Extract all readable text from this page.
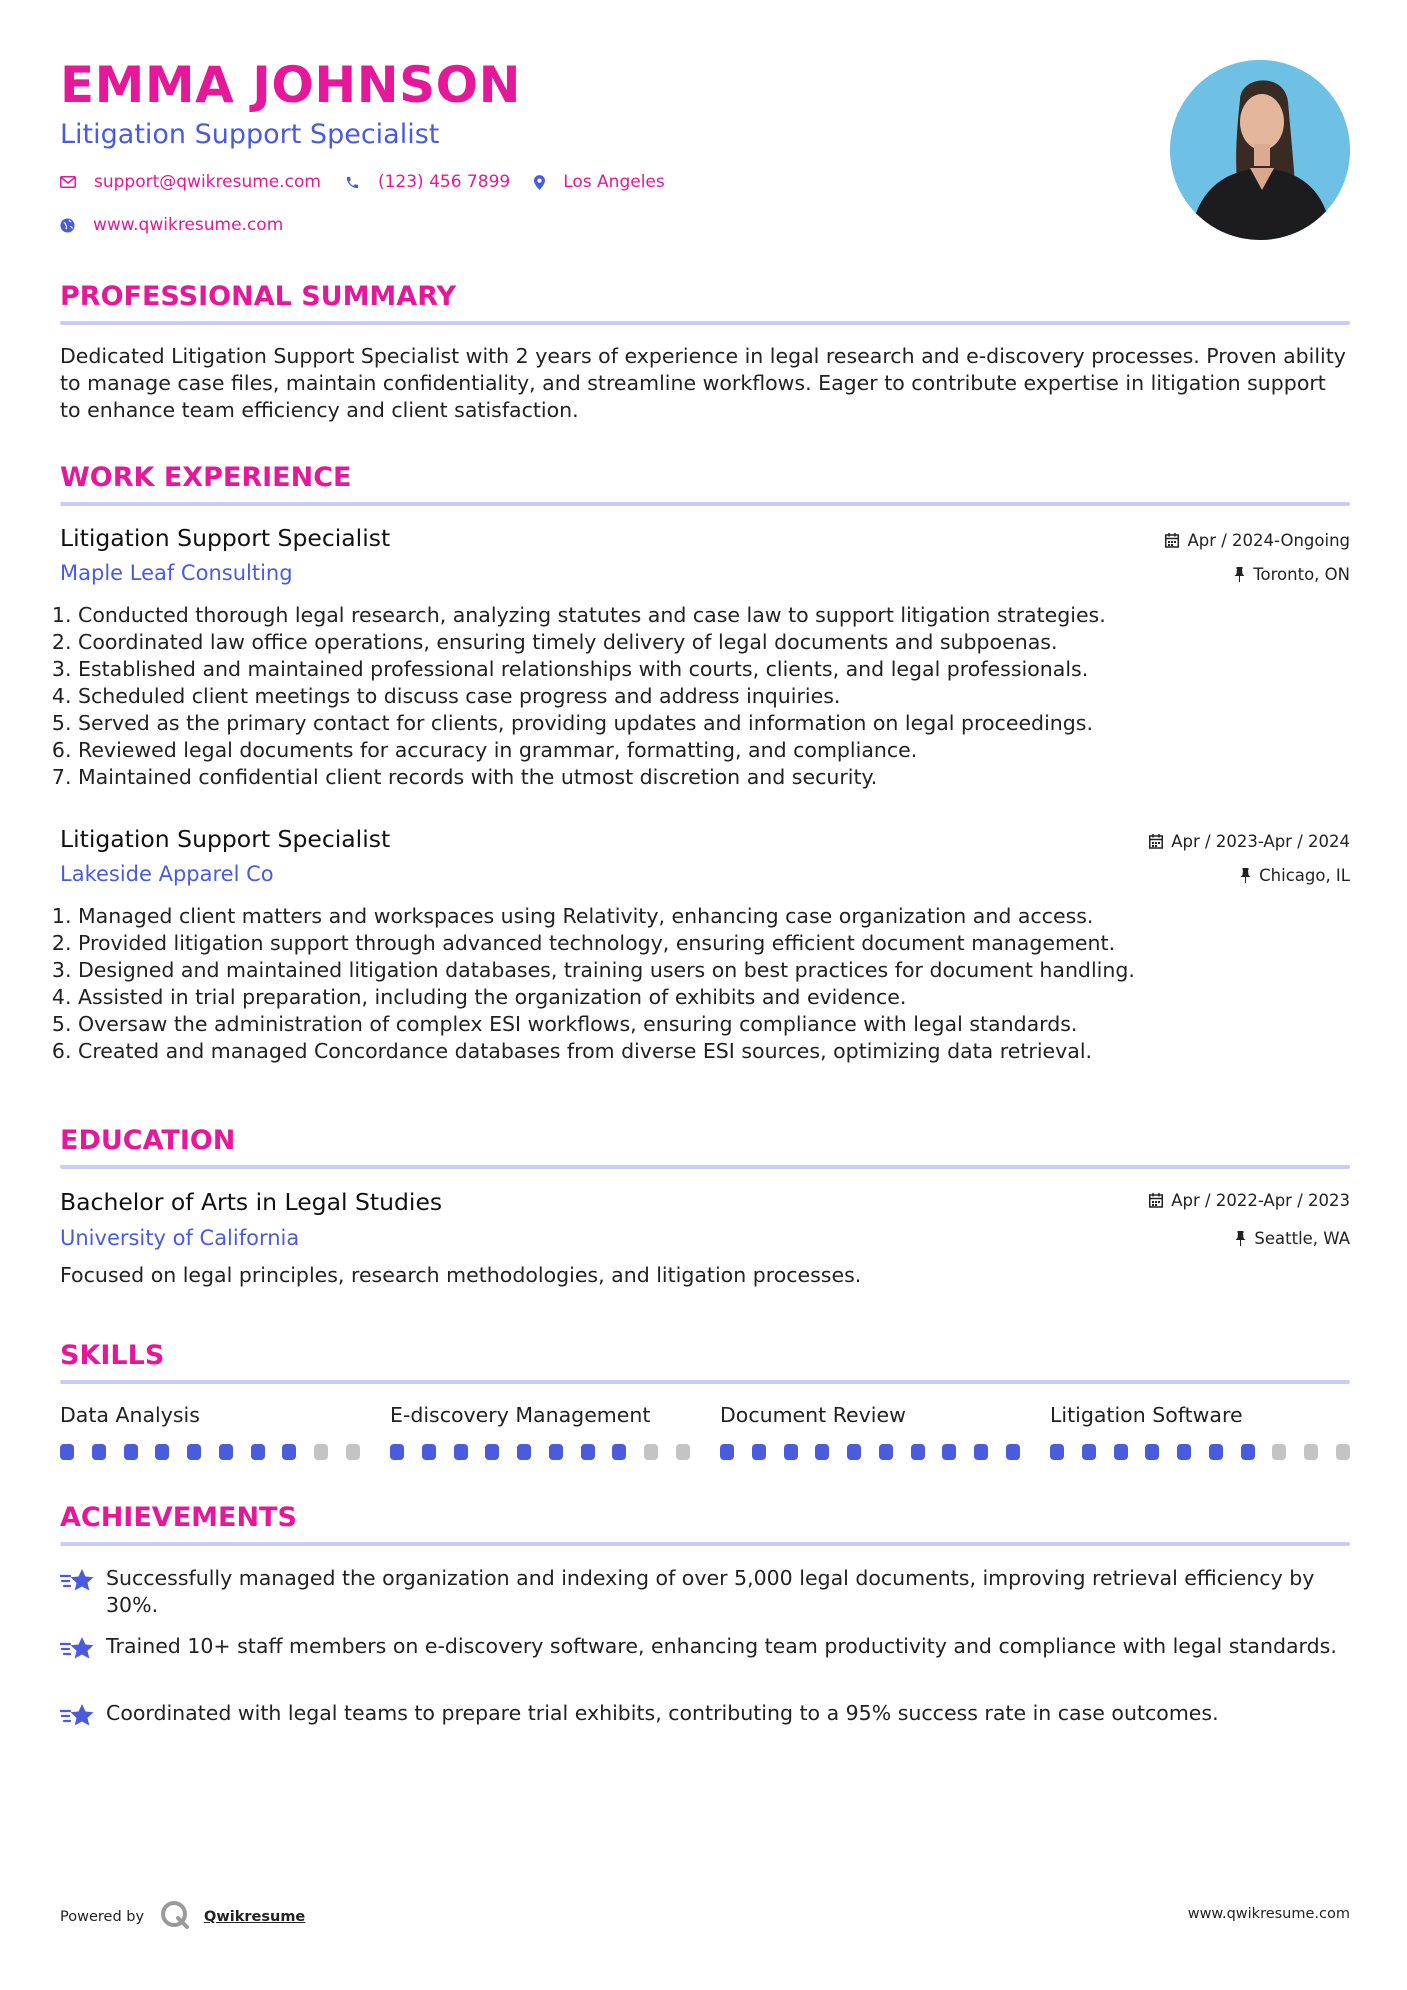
EMMA JOHNSON
Litigation Support Specialist
support@qwikresume.com	(123) 456 7899	Los Angeles
www.qwikresume.com
PROFESSIONAL SUMMARY

Dedicated Litigation Support Specialist with 2 years of experience in legal research and e-discovery processes. Proven ability to manage case files, maintain confidentiality, and streamline workflows. Eager to contribute expertise in litigation support to enhance team efficiency and client satisfaction.

WORK EXPERIENCE
Litigation Support Specialist
Maple Leaf Consulting
Apr / 2024-Ongoing
Toronto, ON
1. Conducted thorough legal research, analyzing statutes and case law to support litigation strategies.
2. Coordinated law office operations, ensuring timely delivery of legal documents and subpoenas.
3. Established and maintained professional relationships with courts, clients, and legal professionals.
4. Scheduled client meetings to discuss case progress and address inquiries.
5. Served as the primary contact for clients, providing updates and information on legal proceedings.
6. Reviewed legal documents for accuracy in grammar, formatting, and compliance.
7. Maintained confidential client records with the utmost discretion and security.
Litigation Support Specialist
Lakeside Apparel Co
Apr / 2023-Apr / 2024
Chicago, IL
1. Managed client matters and workspaces using Relativity, enhancing case organization and access.
2. Provided litigation support through advanced technology, ensuring efficient document management.
3. Designed and maintained litigation databases, training users on best practices for document handling.
4. Assisted in trial preparation, including the organization of exhibits and evidence.
5. Oversaw the administration of complex ESI workflows, ensuring compliance with legal standards.
6. Created and managed Concordance databases from diverse ESI sources, optimizing data retrieval.
EDUCATION
Bachelor of Arts in Legal Studies
University of California
Apr / 2022-Apr / 2023
Seattle, WA

Focused on legal principles, research methodologies, and litigation processes.

SKILLS
Data Analysis	E-discovery Management	Document Review	Litigation Software
ACHIEVEMENTS
Successfully managed the organization and indexing of over 5,000 legal documents, improving retrieval efficiency by 30%.
Trained 10+ staff members on e-discovery software, enhancing team productivity and compliance with legal standards.
Coordinated with legal teams to prepare trial exhibits, contributing to a 95% success rate in case outcomes.
Powered by	Qwikresume	www.qwikresume.com
